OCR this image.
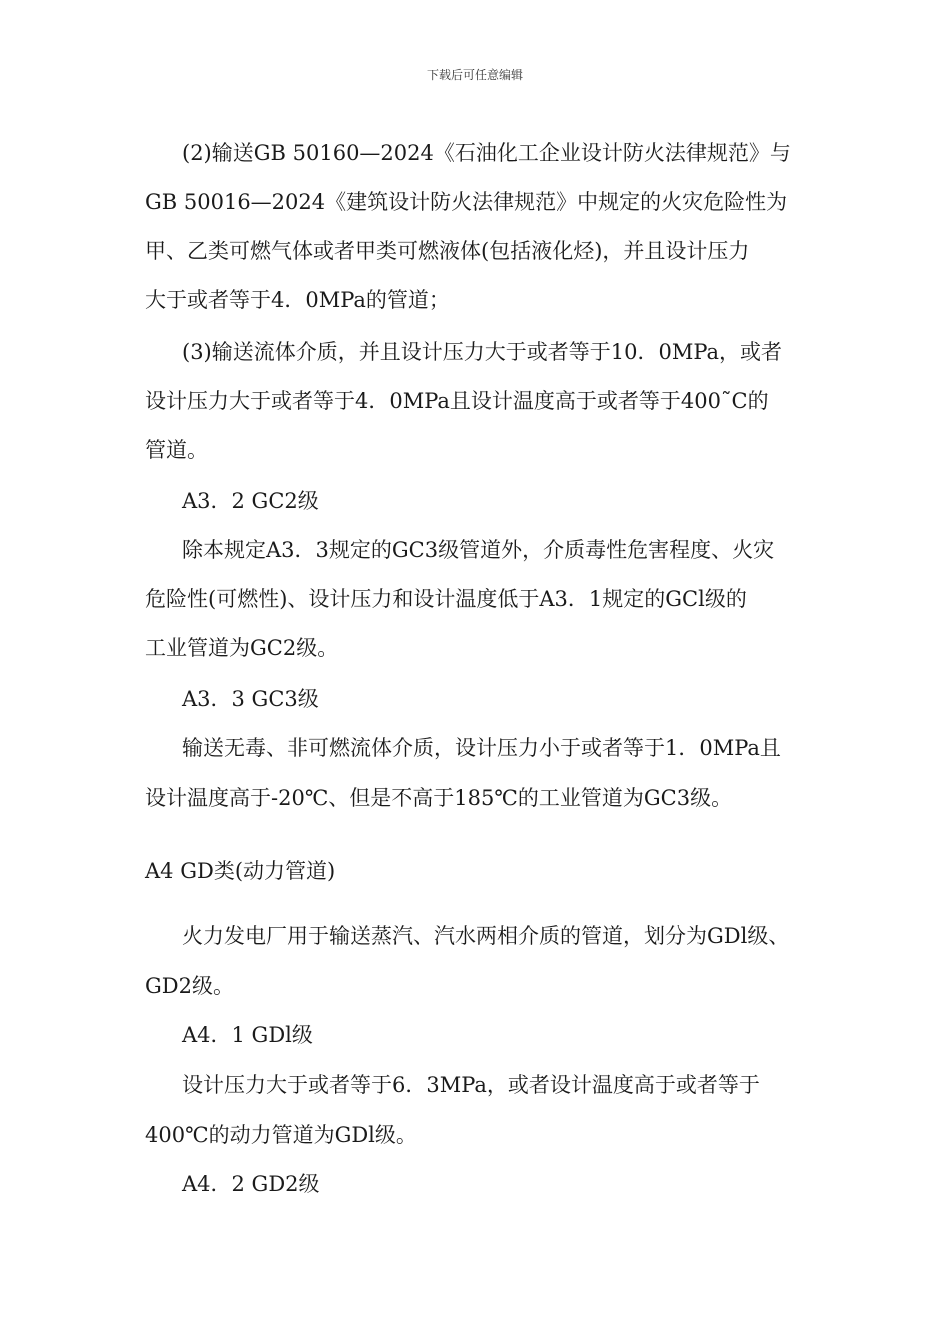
下载后可任意编辑
(2)输送GB 50160—2024《石油化工企业设计防火法律规范》与
GB 50016—2024《建筑设计防火法律规范》中规定的火灾危险性为
甲、乙类可燃气体或者甲类可燃液体(包括液化烃)，并且设计压力
大于或者等于4．0MPa的管道；
(3)输送流体介质，并且设计压力大于或者等于10．0MPa，或者
设计压力大于或者等于4．0MPa且设计温度高于或者等于400˜C的
管道。
A3．2 GC2级
除本规定A3．3规定的GC3级管道外，介质毒性危害程度、火灾
危险性(可燃性)、设计压力和设计温度低于A3．1规定的GCl级的
工业管道为GC2级。
A3．3 GC3级
输送无毒、非可燃流体介质，设计压力小于或者等于1．0MPa且
设计温度高于-20℃、但是不高于185℃的工业管道为GC3级。
A4 GD类(动力管道)
火力发电厂用于输送蒸汽、汽水两相介质的管道，划分为GDl级、
GD2级。
A4．1 GDl级
设计压力大于或者等于6．3MPa，或者设计温度高于或者等于
400℃的动力管道为GDl级。
A4．2 GD2级
